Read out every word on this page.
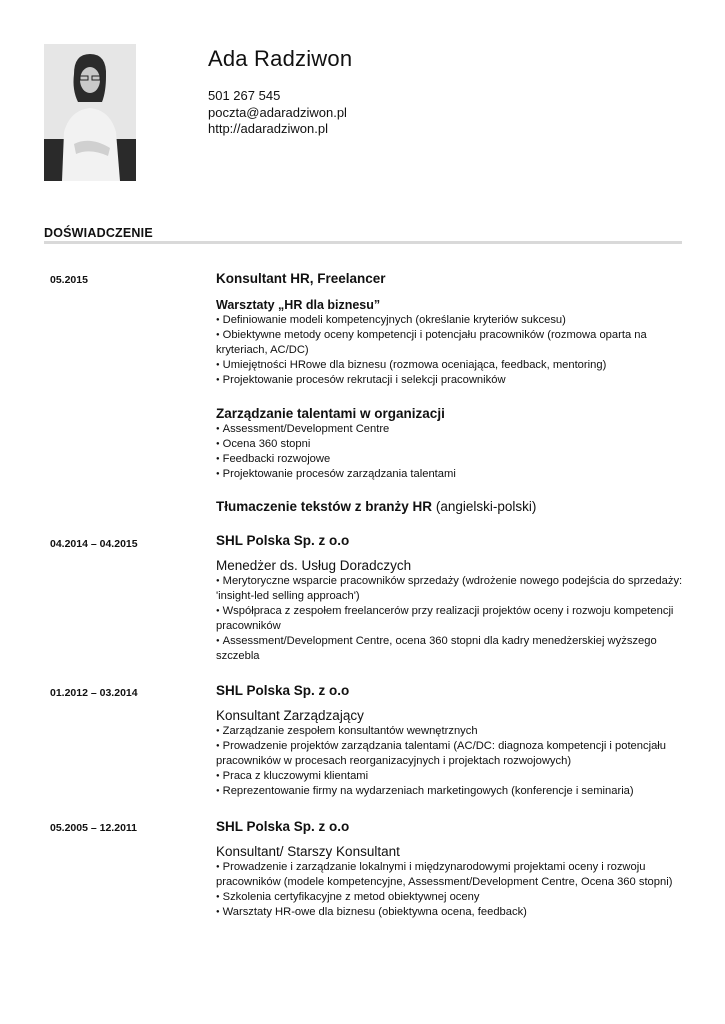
Ada Radziwon
501 267 545
poczta@adaradziwon.pl
http://adaradziwon.pl
DOŚWIADCZENIE
05.2015	Konsultant HR, Freelancer
Warsztaty „HR dla biznesu”
● Definiowanie modeli kompetencyjnych (określanie kryteriów sukcesu)
● Obiektywne metody oceny kompetencji i potencjału pracowników (rozmowa oparta na kryteriach, AC/DC)
● Umiejętności HRowe dla biznesu (rozmowa oceniająca, feedback, mentoring)
● Projektowanie procesów rekrutacji i selekcji pracowników
Zarządzanie talentami w organizacji
● Assessment/Development Centre
● Ocena 360 stopni
● Feedbacki rozwojowe
● Projektowanie procesów zarządzania talentami
Tłumaczenie tekstów z branży HR (angielski-polski)
04.2014 – 04.2015	SHL Polska Sp. z o.o
Menedżer ds. Usług Doradczych
● Merytoryczne wsparcie pracowników sprzedaży (wdrożenie nowego podejścia do sprzedaży: 'insight-led selling approach')
● Współpraca z zespołem freelancerów przy realizacji projektów oceny i rozwoju kompetencji pracowników
● Assessment/Development Centre, ocena 360 stopni dla kadry menedżerskiej wyższego szczebla
01.2012 – 03.2014	SHL Polska Sp. z o.o
Konsultant Zarządzający
● Zarządzanie zespołem konsultantów wewnętrznych
● Prowadzenie projektów zarządzania talentami (AC/DC: diagnoza kompetencji i potencjału pracowników w procesach reorganizacyjnych i projektach rozwojowych)
● Praca z kluczowymi klientami
● Reprezentowanie firmy na wydarzeniach marketingowych (konferencje i seminaria)
05.2005 – 12.2011	SHL Polska Sp. z o.o
Konsultant/ Starszy Konsultant
● Prowadzenie i zarządzanie lokalnymi i międzynarodowymi projektami oceny i rozwoju pracowników (modele kompetencyjne, Assessment/Development Centre, Ocena 360 stopni)
● Szkolenia certyfikacyjne z metod obiektywnej oceny
● Warsztaty HR-owe dla biznesu (obiektywna ocena, feedback)
